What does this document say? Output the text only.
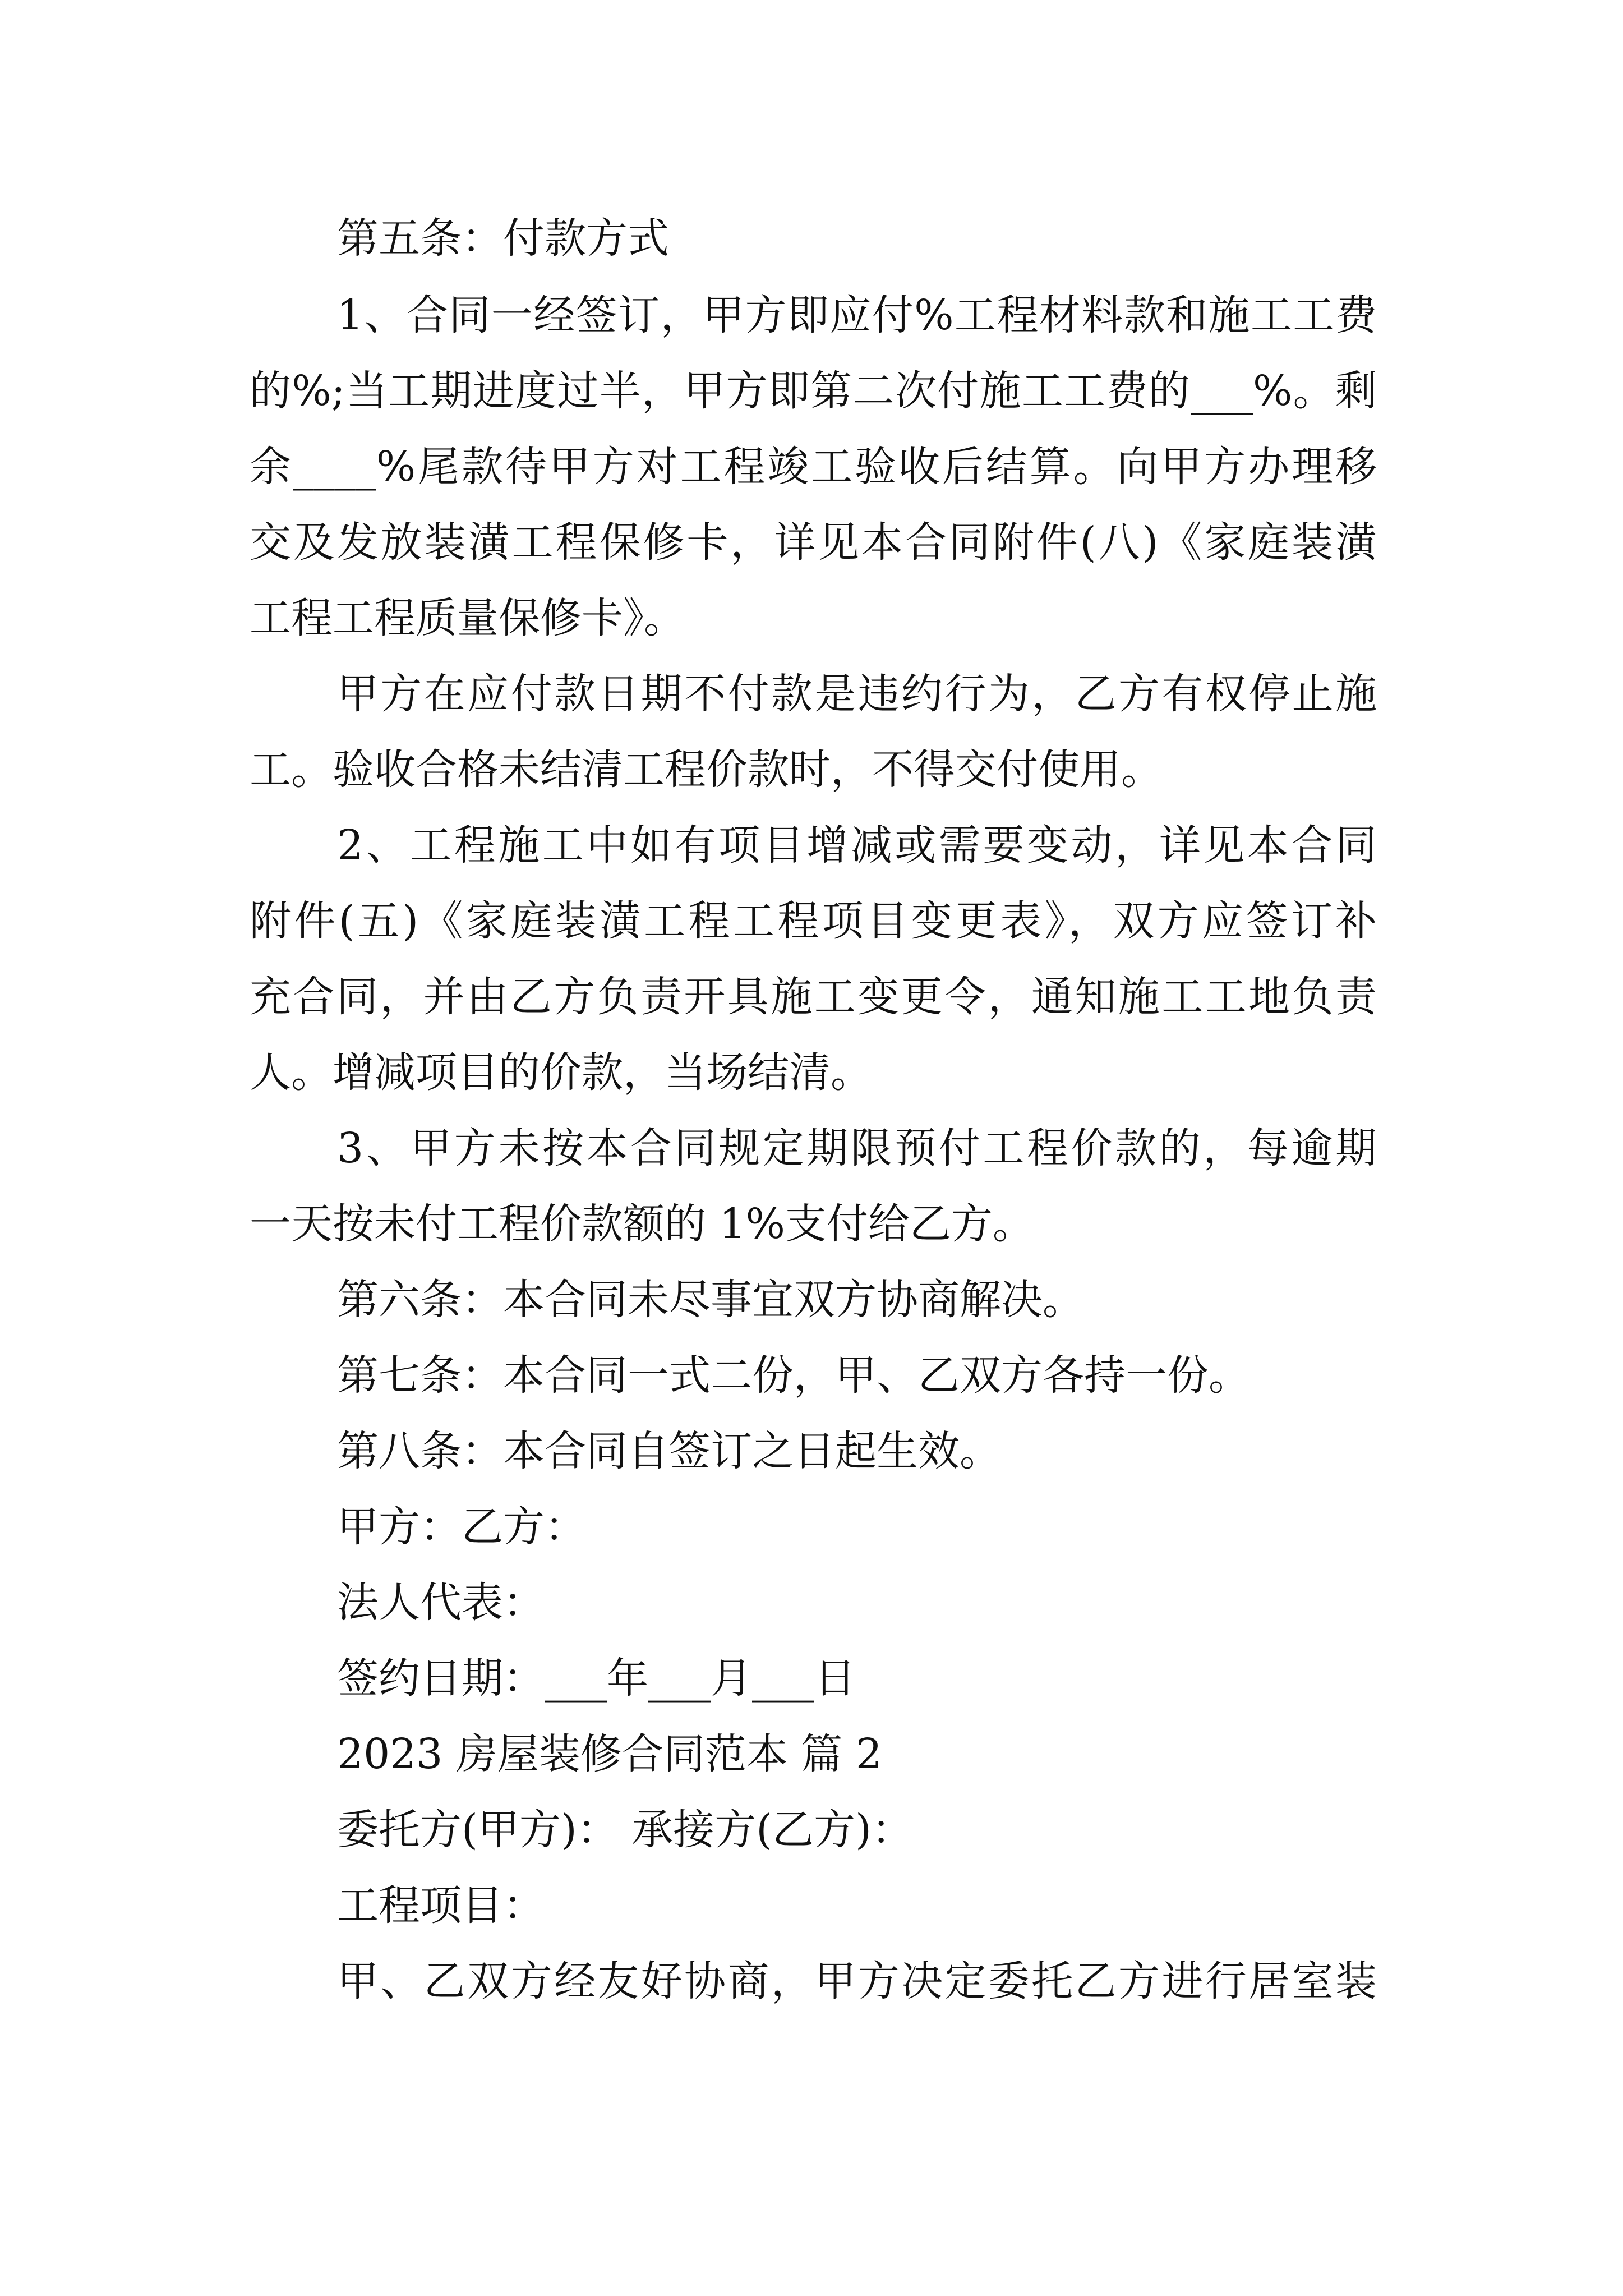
第五条：付款方式
1、合同一经签订，甲方即应付%工程材料款和施工工费
的%;当工期进度过半，甲方即第二次付施工工费的___%。剩
余____%尾款待甲方对工程竣工验收后结算。向甲方办理移
交及发放装潢工程保修卡，详见本合同附件(八)《家庭装潢
工程工程质量保修卡》。
甲方在应付款日期不付款是违约行为，乙方有权停止施
工。验收合格未结清工程价款时，不得交付使用。
2、工程施工中如有项目增减或需要变动，详见本合同
附件(五)《家庭装潢工程工程项目变更表》，双方应签订补
充合同，并由乙方负责开具施工变更令，通知施工工地负责
人。增减项目的价款，当场结清。
3、甲方未按本合同规定期限预付工程价款的，每逾期
一天按未付工程价款额的 1%支付给乙方。
第六条：本合同未尽事宜双方协商解决。
第七条：本合同一式二份，甲、乙双方各持一份。
第八条：本合同自签订之日起生效。
甲方：乙方：
法人代表：
签约日期：___年___月___日
2023 房屋装修合同范本 篇 2
委托方(甲方)： 承接方(乙方)：
工程项目：
甲、乙双方经友好协商，甲方决定委托乙方进行居室装
